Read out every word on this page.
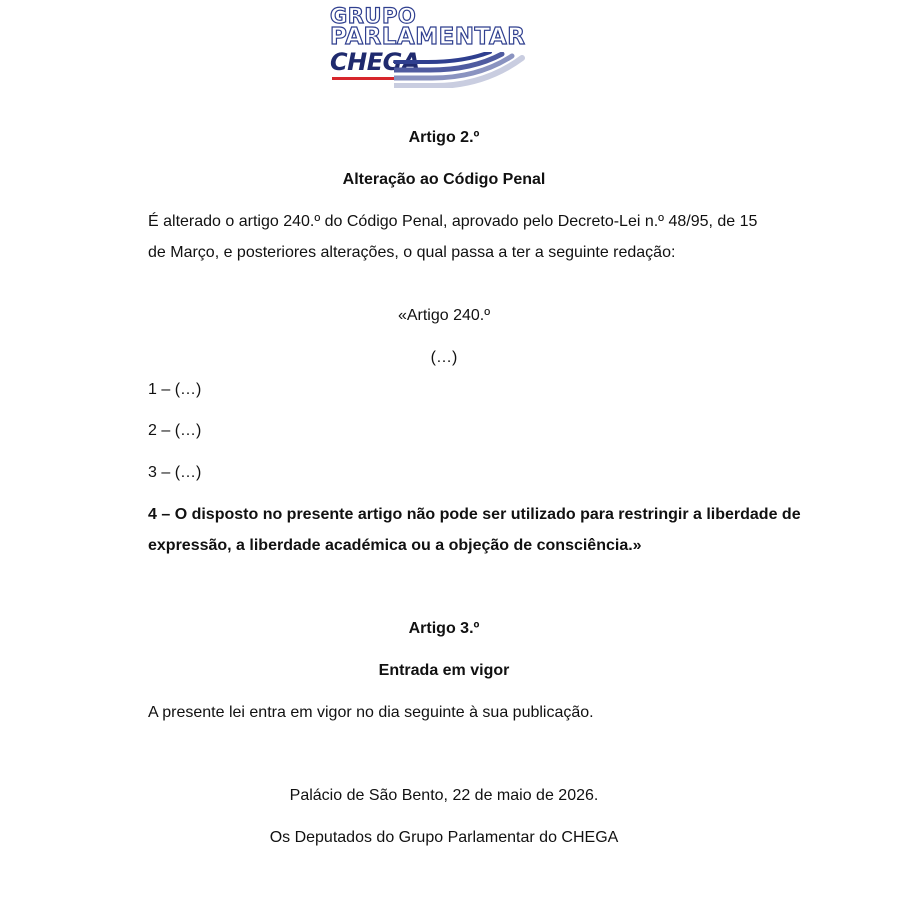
GRUPO
PARLAMENTAR
CHEGA
Artigo 2.º
Alteração ao Código Penal
É alterado o artigo 240.º do Código Penal, aprovado pelo Decreto-Lei n.º 48/95, de 15
de Março, e posteriores alterações, o qual passa a ter a seguinte redação:
«Artigo 240.º
(…)
1 – (…)
2 – (…)
3 – (…)
4 – O disposto no presente artigo não pode ser utilizado para restringir a liberdade de
expressão, a liberdade académica ou a objeção de consciência.»
Artigo 3.º
Entrada em vigor
A presente lei entra em vigor no dia seguinte à sua publicação.
Palácio de São Bento, 22 de maio de 2026.
Os Deputados do Grupo Parlamentar do CHEGA
